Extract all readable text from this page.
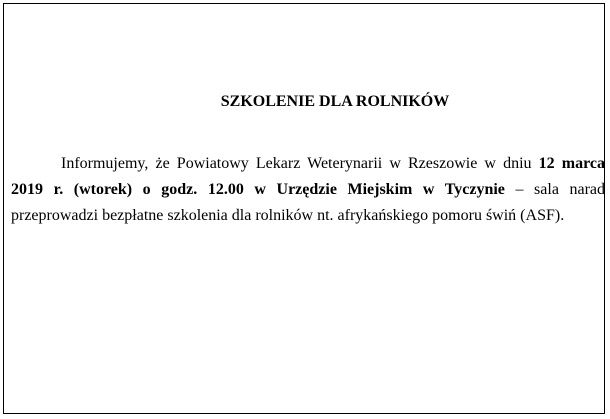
SZKOLENIE DLA ROLNIKÓW

Informujemy, że Powiatowy Lekarz Weterynarii w Rzeszowie w dniu 12 marca 2019 r. (wtorek) o godz. 12.00 w Urzędzie Miejskim w Tyczynie – sala narad przeprowadzi bezpłatne szkolenia dla rolników nt. afrykańskiego pomoru świń (ASF).
